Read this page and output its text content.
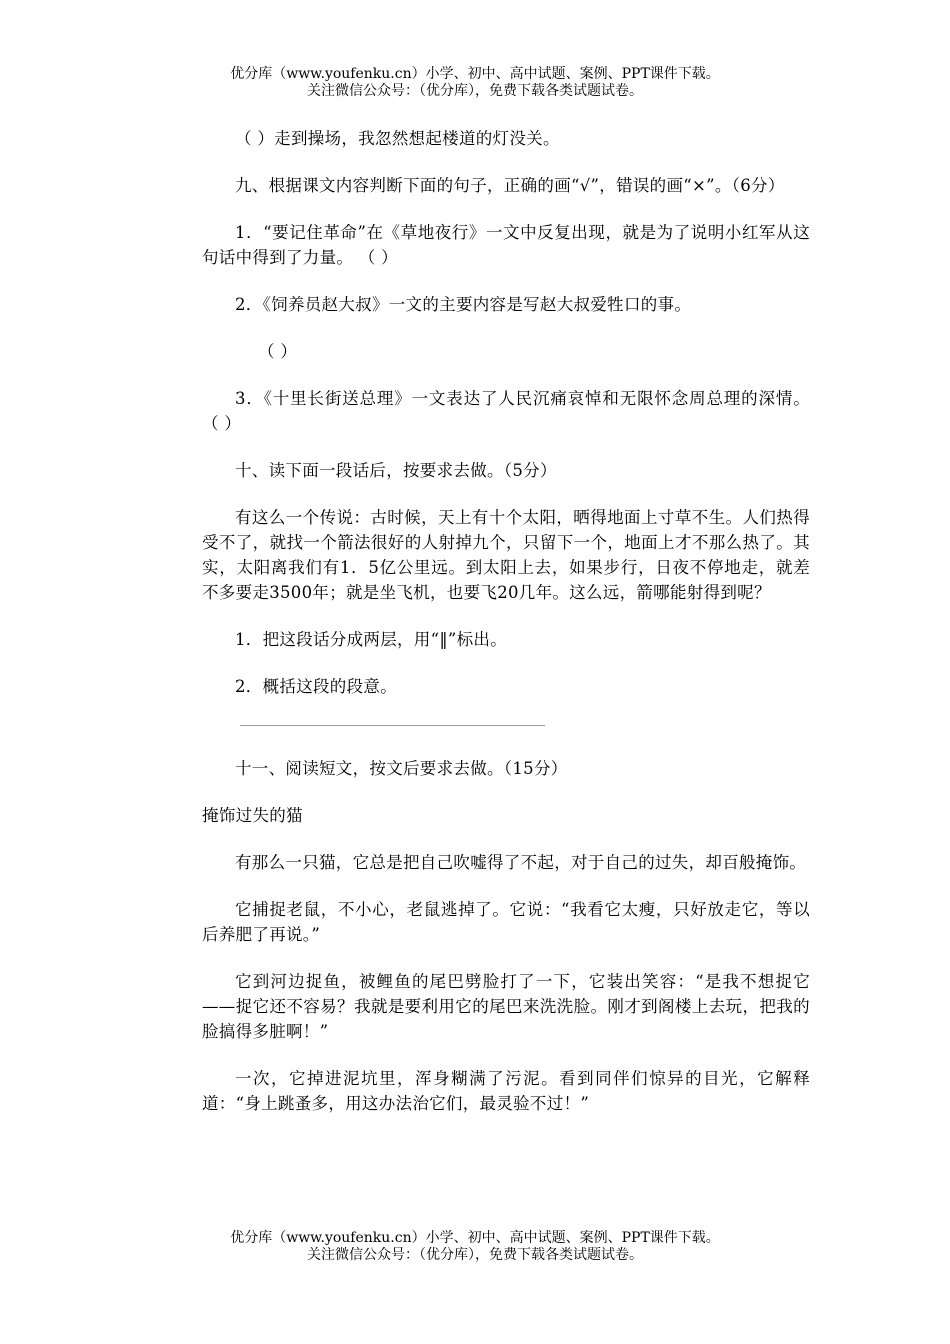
优分库（www.youfenku.cn）小学、初中、高中试题、案例、PPT课件下载。
关注微信公众号：（优分库），免费下载各类试题试卷。

（ ）走到操场，我忽然想起楼道的灯没关。

九、根据课文内容判断下面的句子，正确的画“√”，错误的画“×”。（6分）

1．“要记住革命”在《草地夜行》一文中反复出现，就是为了说明小红军从这句话中得到了力量。 （ ）

2．《饲养员赵大叔》一文的主要内容是写赵大叔爱牲口的事。

（ ）

3．《十里长街送总理》一文表达了人民沉痛哀悼和无限怀念周总理的深情。 （ ）

十、读下面一段话后，按要求去做。（5分）

有这么一个传说：古时候，天上有十个太阳，晒得地面上寸草不生。人们热得受不了，就找一个箭法很好的人射掉九个，只留下一个，地面上才不那么热了。其实，太阳离我们有1．5亿公里远。到太阳上去，如果步行，日夜不停地走，就差不多要走3500年；就是坐飞机，也要飞20几年。这么远，箭哪能射得到呢？

1．把这段话分成两层，用“‖”标出。

2．概括这段的段意。

十一、阅读短文，按文后要求去做。（15分）

掩饰过失的猫

有那么一只猫，它总是把自己吹嘘得了不起，对于自己的过失，却百般掩饰。

它捕捉老鼠，不小心，老鼠逃掉了。它说：“我看它太瘦，只好放走它，等以后养肥了再说。”

它到河边捉鱼，被鲤鱼的尾巴劈脸打了一下，它装出笑容：“是我不想捉它——捉它还不容易？我就是要利用它的尾巴来洗洗脸。刚才到阁楼上去玩，把我的脸搞得多脏啊！”

一次，它掉进泥坑里，浑身糊满了污泥。看到同伴们惊异的目光，它解释道：“身上跳蚤多，用这办法治它们，最灵验不过！”

优分库（www.youfenku.cn）小学、初中、高中试题、案例、PPT课件下载。
关注微信公众号：（优分库），免费下载各类试题试卷。
